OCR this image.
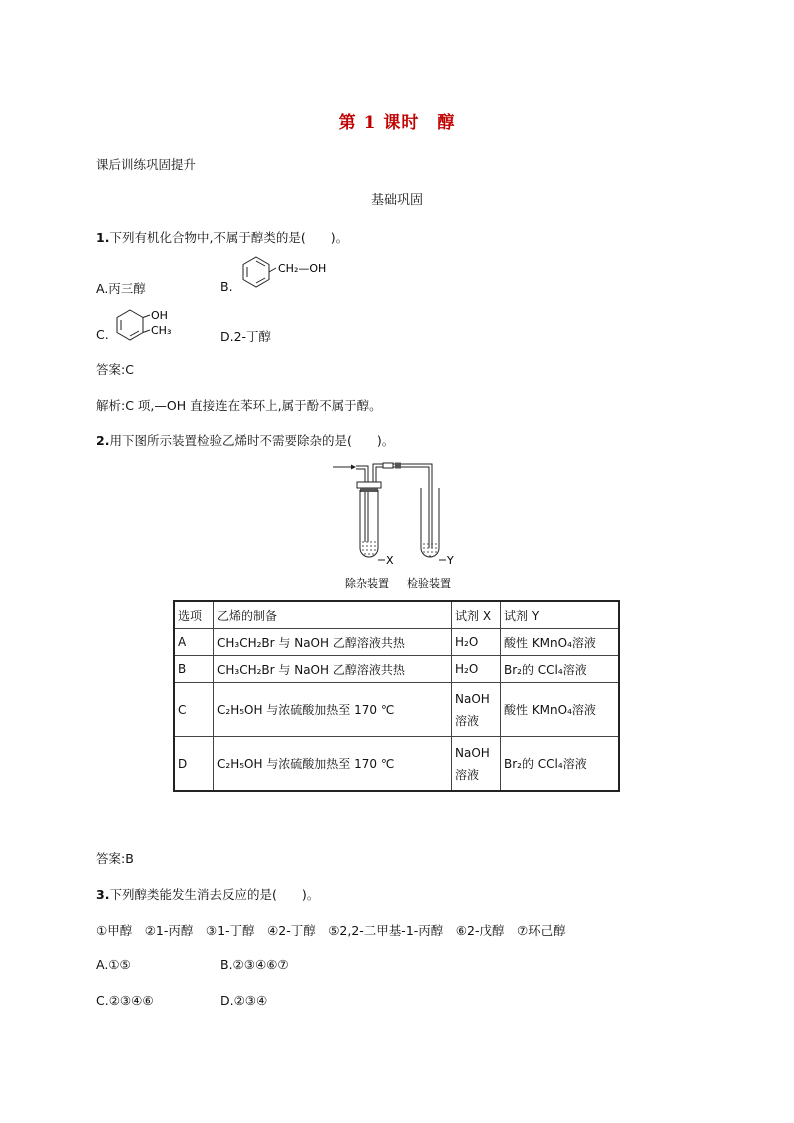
第 1 课时　醇
课后训练巩固提升
基础巩固
1.下列有机化合物中,不属于醇类的是(　　)。
A.丙三醇	B.
CH₂—OH
C.
OH
CH₃	D.2-丁醇
答案:C
解析:C 项,—OH 直接连在苯环上,属于酚不属于醇。
2.用下图所示装置检验乙烯时不需要除杂的是(　　)。
X	Y
除杂装置 检验装置
选项	乙烯的制备	试剂 X	试剂 Y
A	CH₃CH₂Br 与 NaOH 乙醇溶液共热	H₂O	酸性 KMnO₄溶液
B	CH₃CH₂Br 与 NaOH 乙醇溶液共热	H₂O	Br₂的 CCl₄溶液
C	C₂H₅OH 与浓硫酸加热至 170 ℃	NaOH 溶液	酸性 KMnO₄溶液
D	C₂H₅OH 与浓硫酸加热至 170 ℃	NaOH 溶液	Br₂的 CCl₄溶液
答案:B
3.下列醇类能发生消去反应的是(　　)。
①甲醇　②1-丙醇　③1-丁醇　④2-丁醇　⑤2,2-二甲基-1-丙醇　⑥2-戊醇　⑦环己醇
A.①⑤	B.②③④⑥⑦
C.②③④⑥	D.②③④
